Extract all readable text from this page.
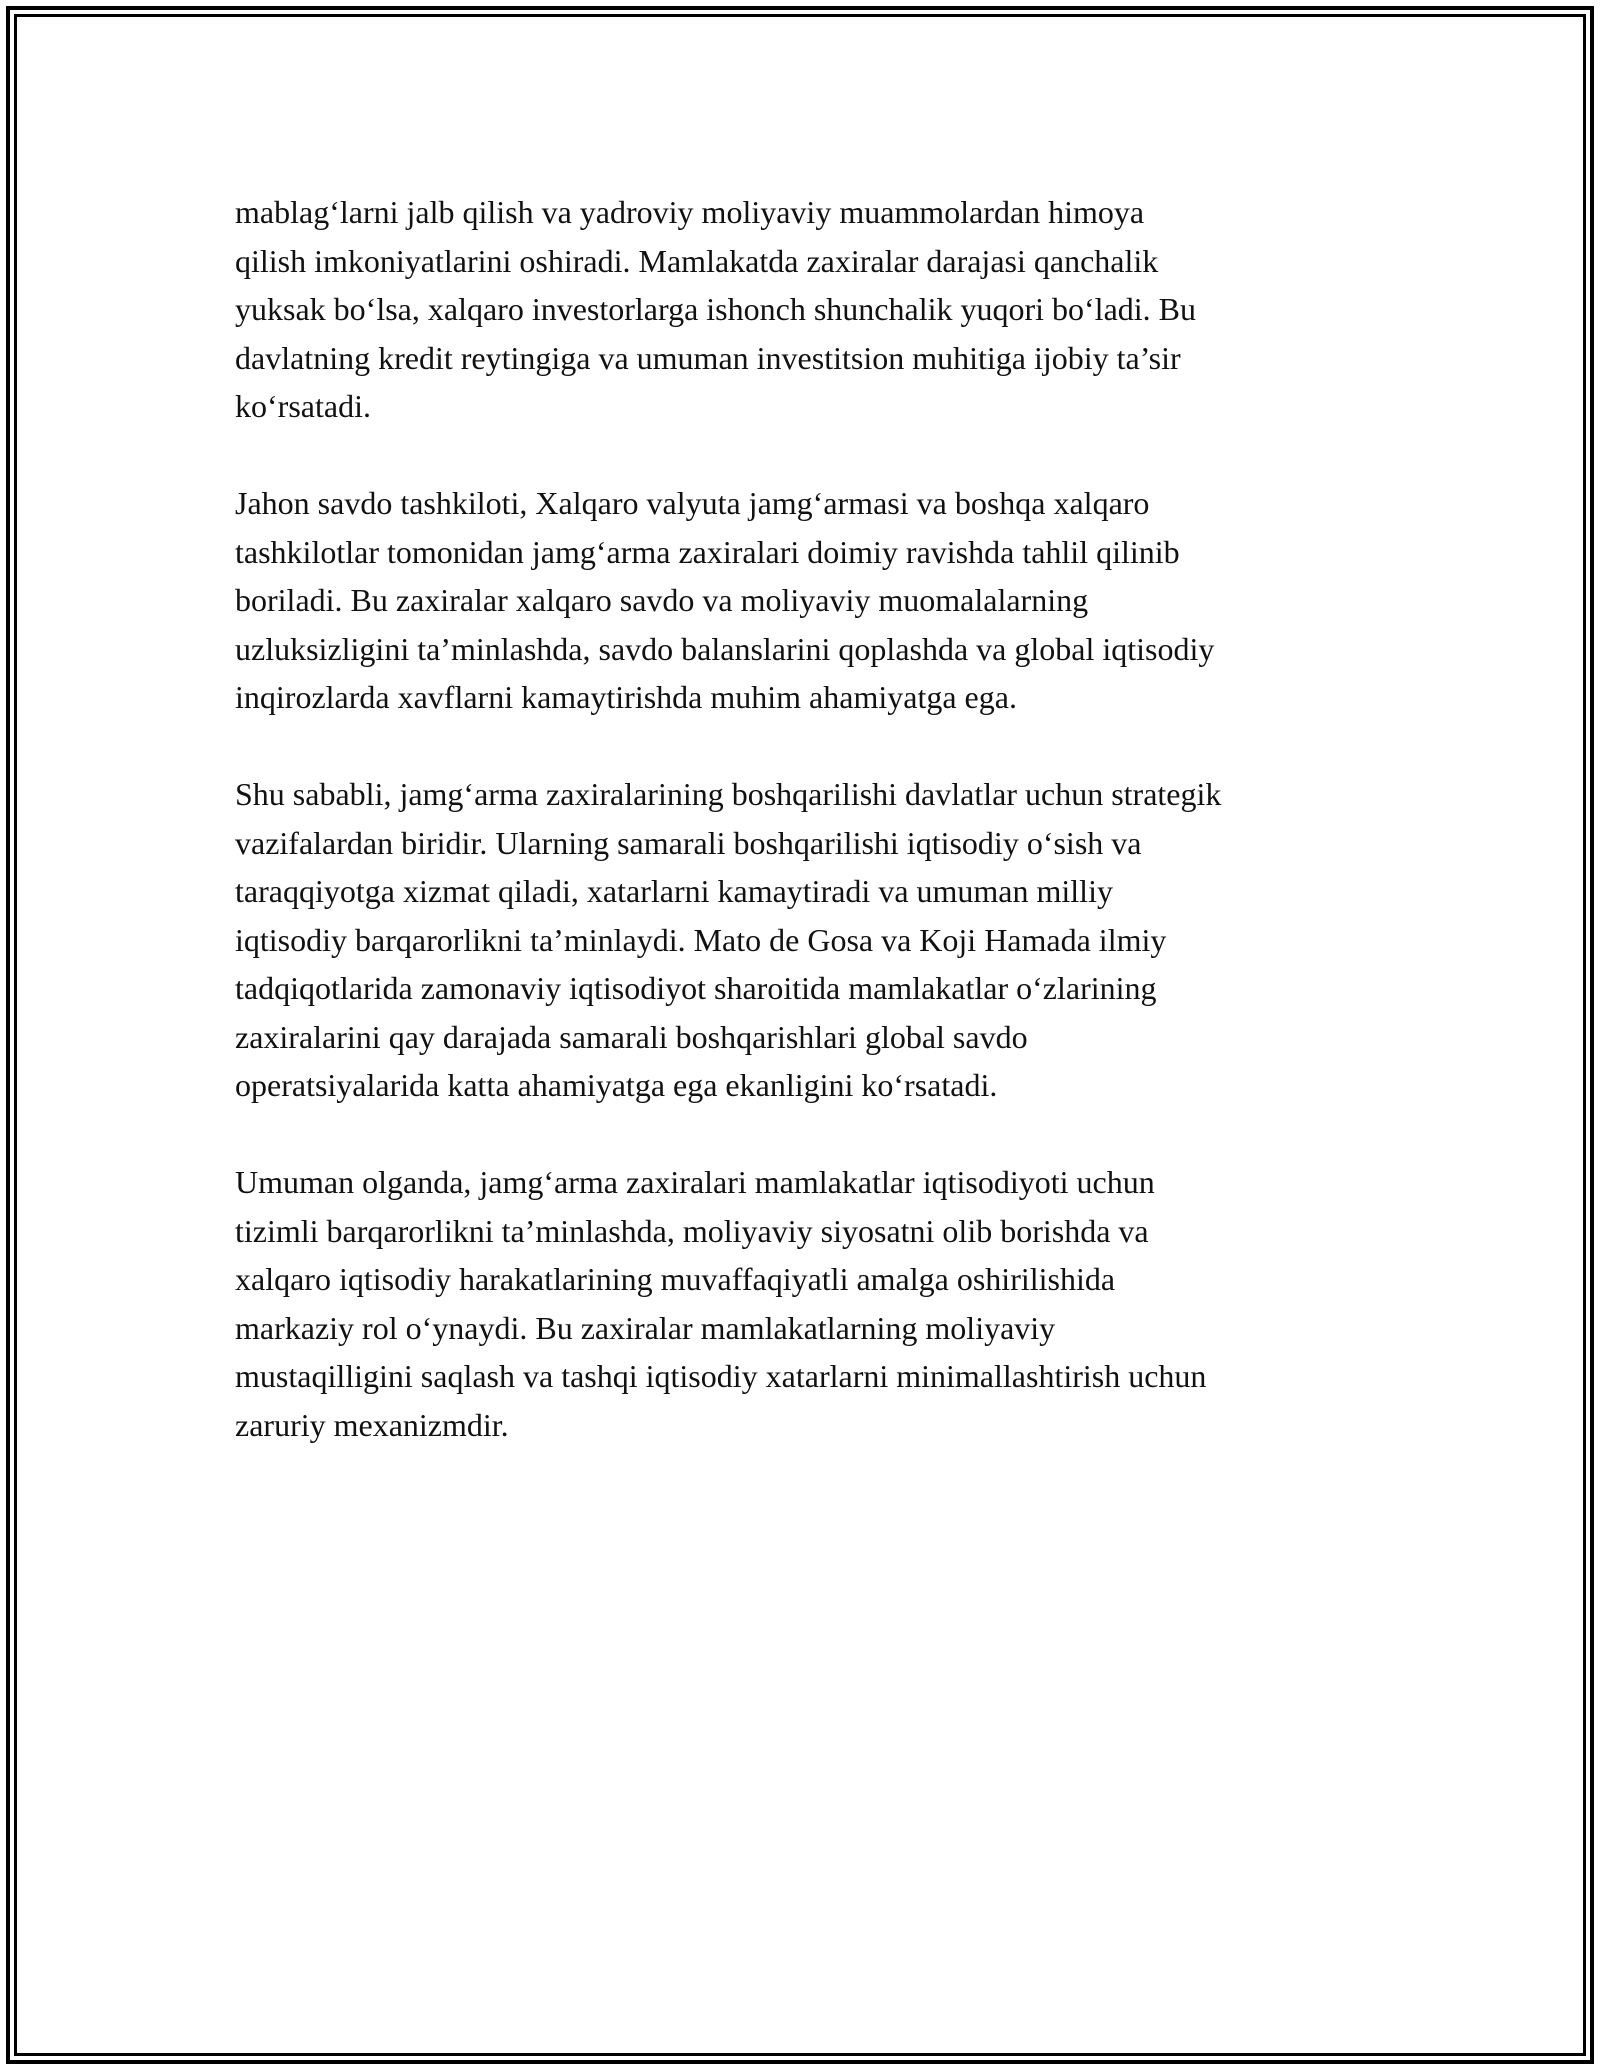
mablag‘larni jalb qilish va yadroviy moliyaviy muammolardan himoya
qilish imkoniyatlarini oshiradi. Mamlakatda zaxiralar darajasi qanchalik
yuksak bo‘lsa, xalqaro investorlarga ishonch shunchalik yuqori bo‘ladi. Bu
davlatning kredit reytingiga va umuman investitsion muhitiga ijobiy ta’sir
ko‘rsatadi.

Jahon savdo tashkiloti, Xalqaro valyuta jamg‘armasi va boshqa xalqaro
tashkilotlar tomonidan jamg‘arma zaxiralari doimiy ravishda tahlil qilinib
boriladi. Bu zaxiralar xalqaro savdo va moliyaviy muomalalarning
uzluksizligini ta’minlashda, savdo balanslarini qoplashda va global iqtisodiy
inqirozlarda xavflarni kamaytirishda muhim ahamiyatga ega.

Shu sababli, jamg‘arma zaxiralarining boshqarilishi davlatlar uchun strategik
vazifalardan biridir. Ularning samarali boshqarilishi iqtisodiy o‘sish va
taraqqiyotga xizmat qiladi, xatarlarni kamaytiradi va umuman milliy
iqtisodiy barqarorlikni ta’minlaydi. Mato de Gosa va Koji Hamada ilmiy
tadqiqotlarida zamonaviy iqtisodiyot sharoitida mamlakatlar o‘zlarining
zaxiralarini qay darajada samarali boshqarishlari global savdo
operatsiyalarida katta ahamiyatga ega ekanligini ko‘rsatadi.

Umuman olganda, jamg‘arma zaxiralari mamlakatlar iqtisodiyoti uchun
tizimli barqarorlikni ta’minlashda, moliyaviy siyosatni olib borishda va
xalqaro iqtisodiy harakatlarining muvaffaqiyatli amalga oshirilishida
markaziy rol o‘ynaydi. Bu zaxiralar mamlakatlarning moliyaviy
mustaqilligini saqlash va tashqi iqtisodiy xatarlarni minimallashtirish uchun
zaruriy mexanizmdir.
